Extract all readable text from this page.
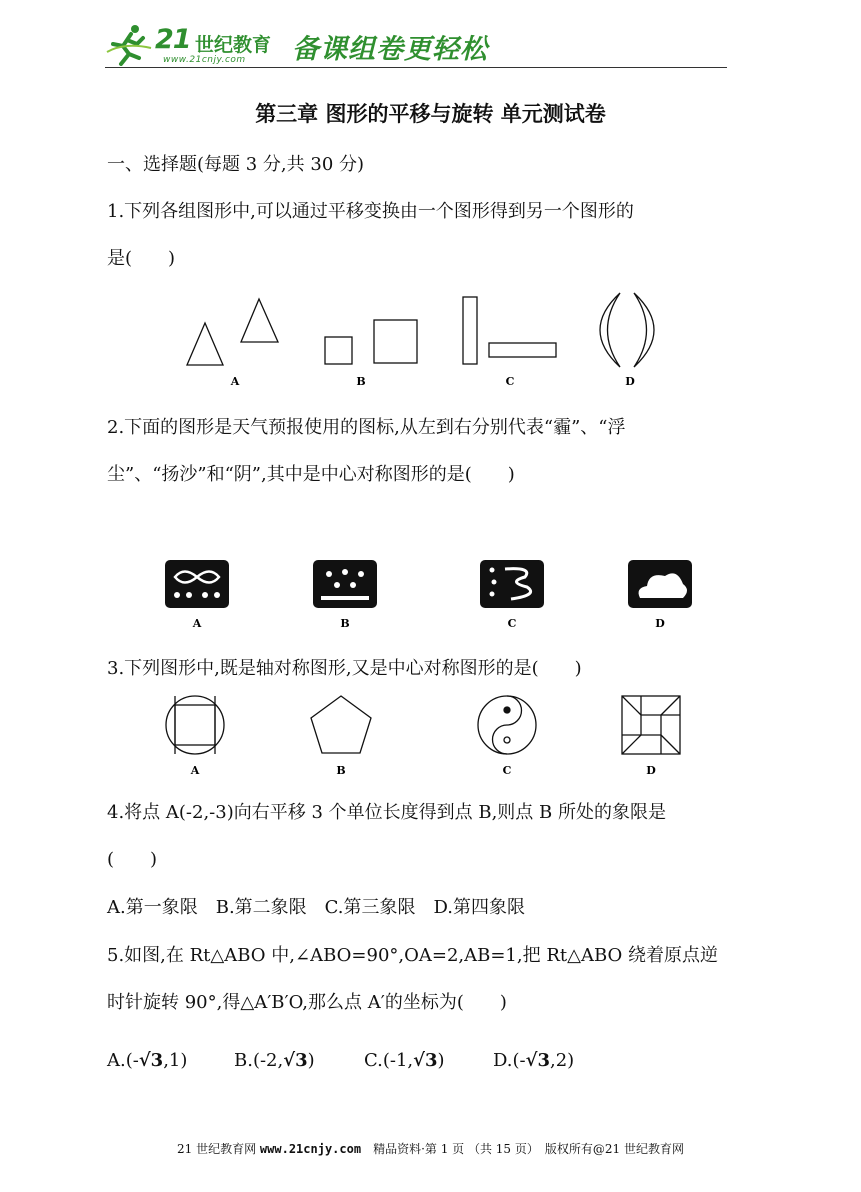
21 世纪教育
www.21cnjy.com 备课组卷更轻松
第三章 图形的平移与旋转 单元测试卷
一、选择题(每题 3 分,共 30 分)
1.下列各组图形中,可以通过平移变换由一个图形得到另一个图形的
是(　　)
A	B	C	D
2.下面的图形是天气预报使用的图标,从左到右分别代表“霾”、“浮
尘”、“扬沙”和“阴”,其中是中心对称图形的是(　　)
A	B	C	D
3.下列图形中,既是轴对称图形,又是中心对称图形的是(　　)
A	B	C	D
4.将点 A(-2,-3)向右平移 3 个单位长度得到点 B,则点 B 所处的象限是
(　　)
A.第一象限　B.第二象限　C.第三象限　D.第四象限
5.如图,在 Rt△ABO 中,∠ABO=90°,OA=2,AB=1,把 Rt△ABO 绕着原点逆
时针旋转 90°,得△A′B′O,那么点 A′的坐标为(　　)
A.(-√3,1)	B.(-2,√3)	C.(-1,√3)	D.(-√3,2)
21 世纪教育网 www.21cnjy.com　精品资料·第 1 页 （共 15 页）　版权所有@21 世纪教育网
